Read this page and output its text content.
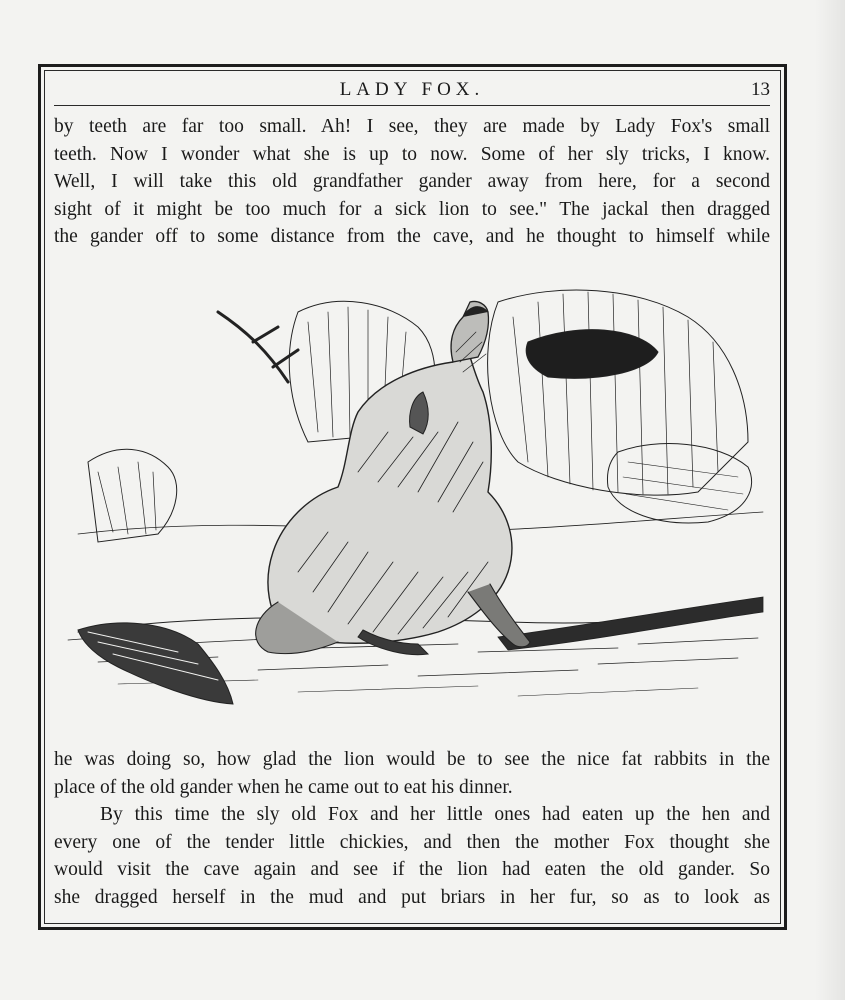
LADY FOX.	13
by teeth are far too small. Ah! I see, they are made by Lady Fox's small
teeth. Now I wonder what she is up to now. Some of her sly tricks, I know.
Well, I will take this old grandfather gander away from here, for a second
sight of it might be too much for a sick lion to see." The jackal then dragged
the gander off to some distance from the cave, and he thought to himself while
he was doing so, how glad the lion would be to see the nice fat rabbits in the
place of the old gander when he came out to eat his dinner.
By this time the sly old Fox and her little ones had eaten up the hen and
every one of the tender little chickies, and then the mother Fox thought she
would visit the cave again and see if the lion had eaten the old gander. So
she dragged herself in the mud and put briars in her fur, so as to look as
